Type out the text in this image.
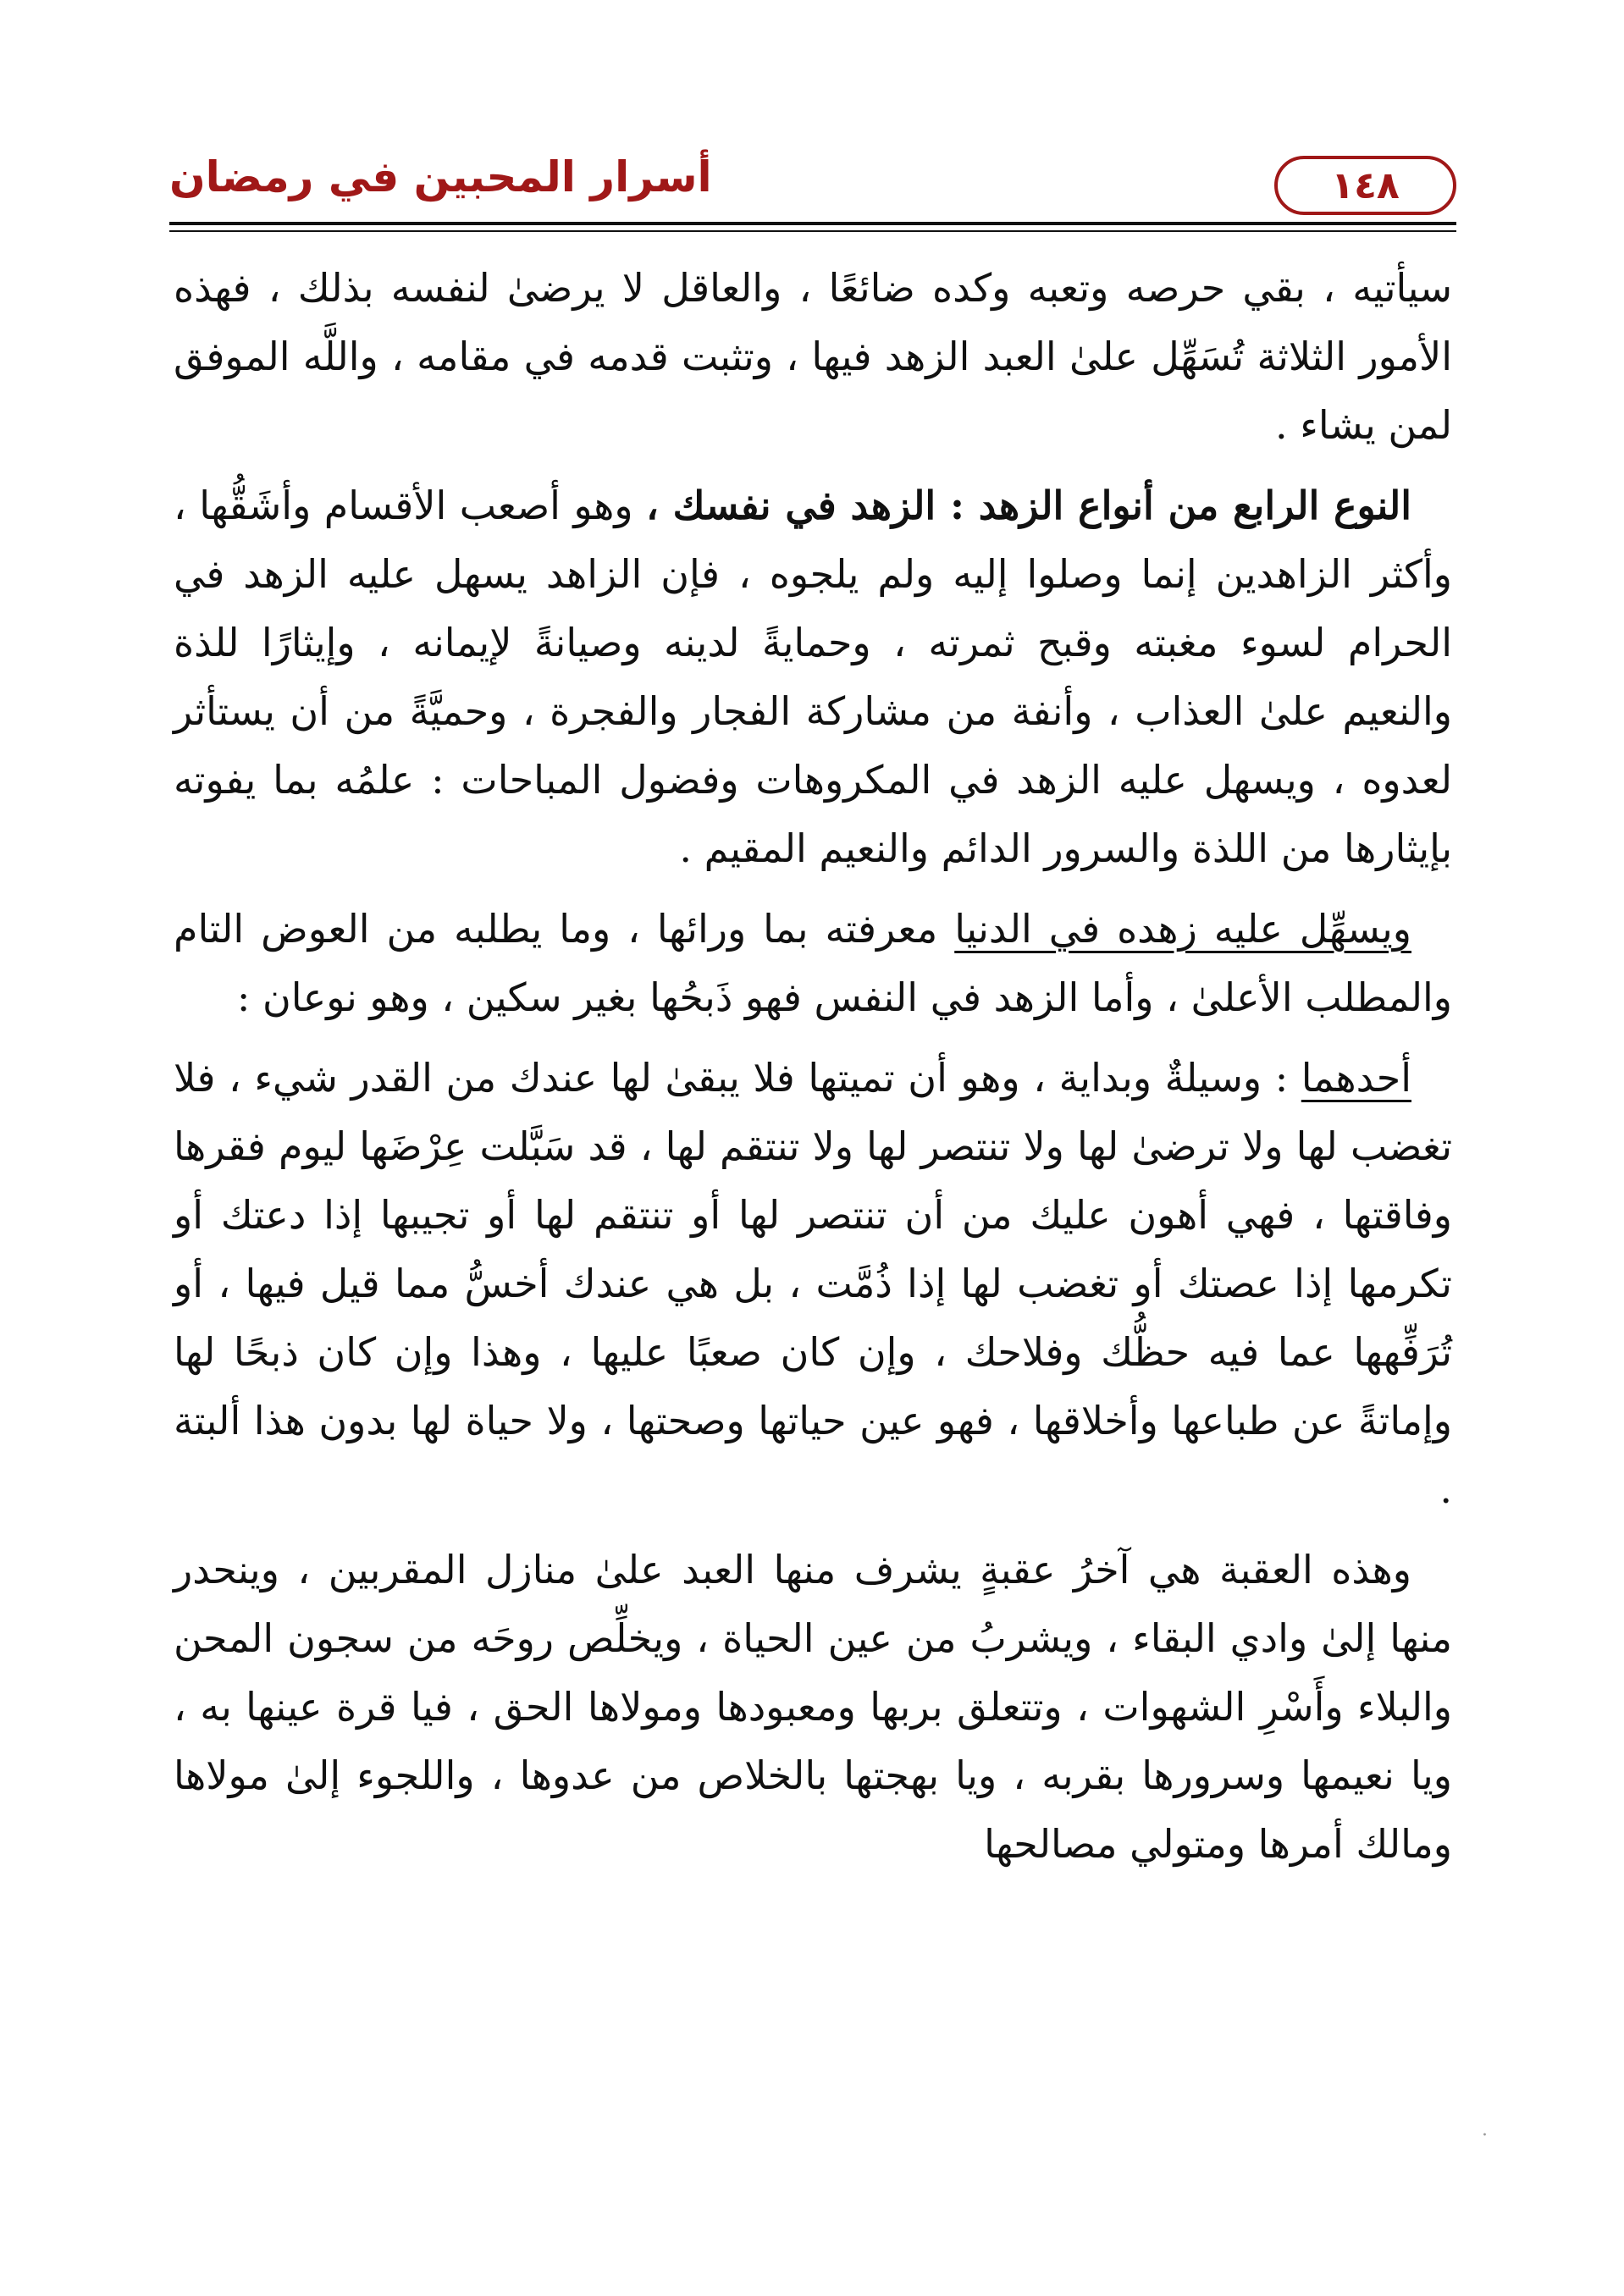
أسرار المحبين في رمضان	١٤٨

سيأتيه ، بقي حرصه وتعبه وكده ضائعًا ، والعاقل لا يرضىٰ لنفسه بذلك ، فهذه الأمور الثلاثة تُسَهِّل علىٰ العبد الزهد فيها ، وتثبت قدمه في مقامه ، واللَّه الموفق لمن يشاء .

النوع الرابع من أنواع الزهد : الزهد في نفسك ، وهو أصعب الأقسام وأشَقُّها ، وأكثر الزاهدين إنما وصلوا إليه ولم يلجوه ، فإن الزاهد يسهل عليه الزهد في الحرام لسوء مغبته وقبح ثمرته ، وحمايةً لدينه وصيانةً لإيمانه ، وإيثارًا للذة والنعيم علىٰ العذاب ، وأنفة من مشاركة الفجار والفجرة ، وحميَّةً من أن يستأثر لعدوه ، ويسهل عليه الزهد في المكروهات وفضول المباحات : علمُه بما يفوته بإيثارها من اللذة والسرور الدائم والنعيم المقيم .

ويسهِّل عليه زهده في الدنيا معرفته بما ورائها ، وما يطلبه من العوض التام والمطلب الأعلىٰ ، وأما الزهد في النفس فهو ذَبحُها بغير سكين ، وهو نوعان :

أحدهما : وسيلةٌ وبداية ، وهو أن تميتها فلا يبقىٰ لها عندك من القدر شيء ، فلا تغضب لها ولا ترضىٰ لها ولا تنتصر لها ولا تنتقم لها ، قد سَبَّلت عِرْضَها ليوم فقرها وفاقتها ، فهي أهون عليك من أن تنتصر لها أو تنتقم لها أو تجيبها إذا دعتك أو تكرمها إذا عصتك أو تغضب لها إذا ذُمَّت ، بل هي عندك أخسُّ مما قيل فيها ، أو تُرَفِّهها عما فيه حظُّك وفلاحك ، وإن كان صعبًا عليها ، وهذا وإن كان ذبحًا لها وإماتةً عن طباعها وأخلاقها ، فهو عين حياتها وصحتها ، ولا حياة لها بدون هذا ألبتة .

وهذه العقبة هي آخرُ عقبةٍ يشرف منها العبد علىٰ منازل المقربين ، وينحدر منها إلىٰ وادي البقاء ، ويشربُ من عين الحياة ، ويخلِّص روحَه من سجون المحن والبلاء وأَسْرِ الشهوات ، وتتعلق بربها ومعبودها ومولاها الحق ، فيا قرة عينها به ، ويا نعيمها وسرورها بقربه ، ويا بهجتها بالخلاص من عدوها ، واللجوء إلىٰ مولاها ومالك أمرها ومتولي مصالحها

·
